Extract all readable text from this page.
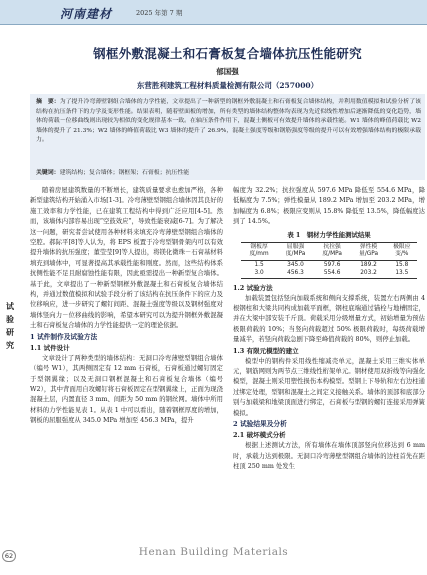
河南建材	2025 年第 7 期
试验研究
62
钢框外敷混凝土和石膏板复合墙体抗压性能研究
郁国强
东营胜利建筑工程材料质量检测有限公司（257000）
摘　要：为了提升冷弯薄壁钢组合墙体的力学性能，文章提出了一种新型的钢框外敷混凝土和石膏板复合墙体结构，并利用数值模拟和试验分析了该结构在抗压条件下的力学及变形性能。结果表明，随着壁面板的增加，所有类型的墙体结构整体均表现为先近似线性增加后逐渐降低的变化趋势，墙体的荷载－位移曲线则出现较为相似的变化规律基本一致。在轴压条件作用下，混凝土侧板可有效提升墙体的承载性能。W1 墙体的峰值荷载比 W2 墙体的提升了 21.3%；W2 墙体的峰值荷载比 W3 墙体的提升了 26.9%，混凝土强度等级和钢筋强度等级的提升可以有效增强墙体结构的极限承载力。
关键词：建筑结构；复合墙体；钢框架；石膏板；抗压性能

随着房屋建筑数量的不断增长，建筑质量要求也愈加严格，各种新型建筑结构开始涌入市场[1-3]。冷弯薄壁型钢组合墙体因其良好的施工效率和力学性能，已在建筑工程结构中得到广泛应用[4-5]。然而，该墙体内部容易出现“空鼓效应”，导致性能衰减[6-7]。为了解决这一问题，研究者尝试使用各种材料来填充冷弯薄壁型钢组合墙体的空腔。郝际平[8]等人认为，将 EPS 板置于冷弯型钢骨架内可以有效提升墙体的抗压强度；董莹莹[9]等人提出，将镁化微珠－石膏基材料填充到墙体中，可显著提高其承载性能和刚度。然而，这些结构体系抗侧性能不足且耐腐蚀性能有限，因此亟需提出一种新型复合墙体。基于此，文章提出了一种新型钢框外敷混凝土和石膏板复合墙体结构，并通过数值模拟和试验手段分析了该结构在抗压条件下的应力及位移响应，进一步研究了螺钉间距、混凝土强度等级以及钢材强度对墙体竖向力－位移曲线的影响，希望本研究可以为提升钢框外敷混凝土和石膏板复合墙体的力学性能提供一定的理论依据。

1 试件制作及试验方法
1.1 试件设计

文章设计了两种类型的墙体结构：无洞口冷弯薄壁型钢组合墙体（编号 W1），其两侧固定有 12 mm 石膏板，石膏板通过螺钉固定于型钢翼缘；以及无洞口钢框混凝土和石膏板复合墙体（编号 W2），其中背面用自攻螺钉将石膏板固定在型钢翼缘上，正面为现浇混凝土层，内置直径 3 mm、间距为 50 mm 的钢丝网。墙体中所用材料的力学性能见表 1。从表 1 中可以看出，随着钢框厚度的增加，钢板的屈服强度从 345.0 MPa 增加至 456.3 MPa，提升

幅度为 32.2%；抗拉强度从 597.6 MPa 降低至 554.6 MPa，降低幅度为 7.5%；弹性模量从 189.2 MPa 增加至 203.2 MPa，增加幅度为 6.8%；极限应变则从 15.8% 降低至 13.5%，降低幅度达到了 14.5%。

表 1　钢材力学性能测试结果
钢板厚度/mm	屈服强度/MPa	抗拉强度/MPa	弹性模量/GPa	极限应变/%
1.5	345.0	597.6	189.2	15.8
3.0	456.3	554.6	203.2	13.5
1.2 试验方法

加载装置包括竖向加载系统和侧向支撑系统，装置左右两侧由 4 根钢柱和大梁共同构成加载平面框，钢柱底端通过锚栓与地槽固定，并在大梁中部安装千斤顶。荷载采用分级增量方式，初始增量为预估极限荷载的 10%；当竖向荷载超过 50% 极限荷载时，每级荷载增量减半，若竖向荷载急剧下降至峰值荷载的 80%，则停止加载。

1.3 有限元模型的建立

模型中的钢构件采用线性缩减壳单元，混凝土采用三维实体单元，钢筋网则为两节点三维线性桁架单元。钢材使用双折线等向强化模型，混凝土则采用塑性损伤本构模型。型钢上下导轨和左右边柱通过绑定处理，型钢和混凝土之间定义接触关系。墙体的顶部和底部分别与加载梁和地梁顶面进行绑定，石膏板与型钢的螺钉连接采用弹簧模拟。

2 试验结果及分析
2.1 破坏模式分析

根据上述测试方法，所有墙体在墙体顶部竖向位移达到 6 mm 时，承载力达到极限。无洞口冷弯薄壁型钢组合墙体的边柱首先在距柱顶 250 mm 处发生

Henan Building Materials
